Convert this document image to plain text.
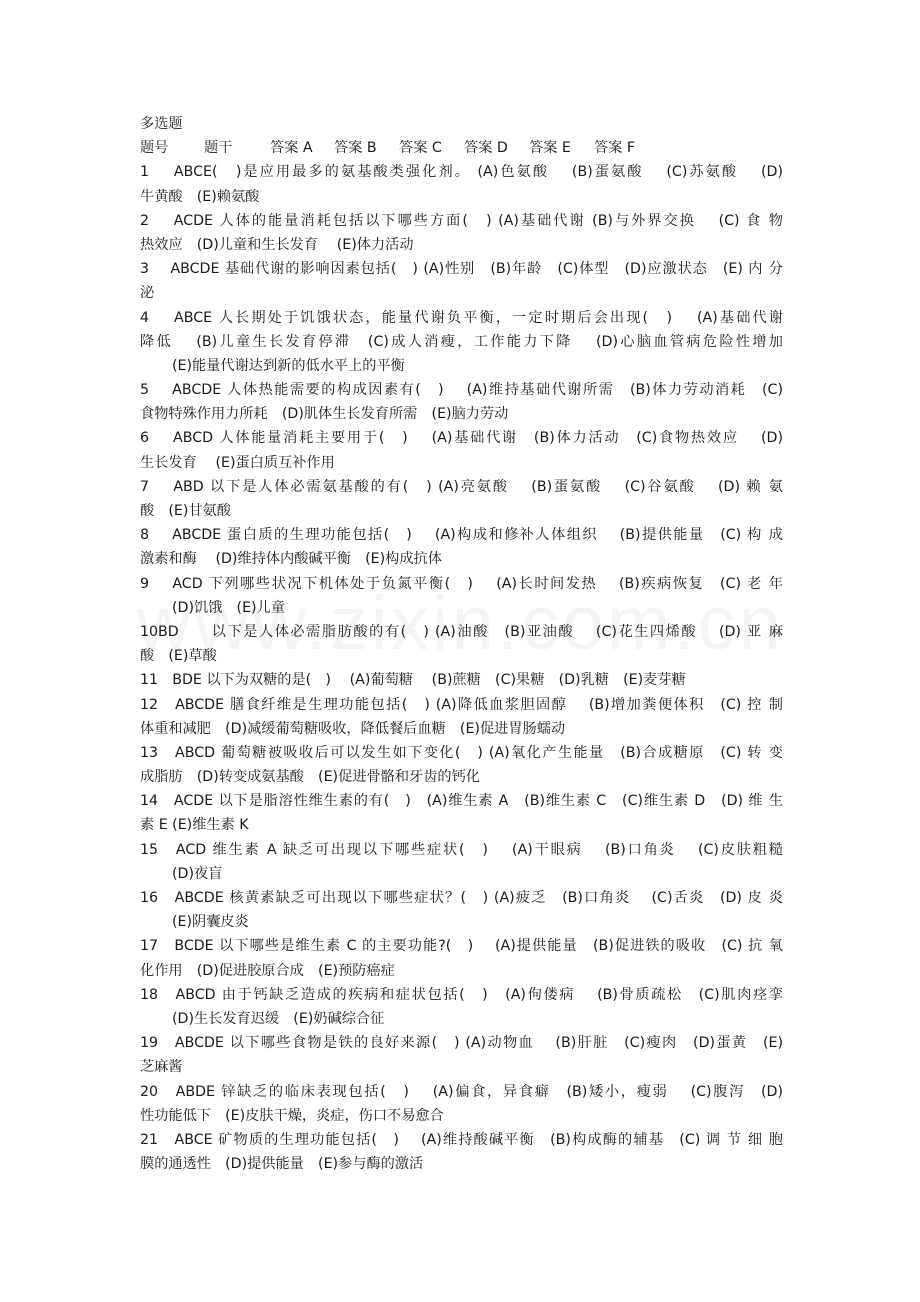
多选题
题号	题干	答案 A 答案 B 答案 C 答案 D 答案 E 答案 F
1　 ABCE(　)是应用最多的氨基酸类强化剂。 (A)色氨酸　 (B)蛋氨酸　 (C)苏氨酸　 (D)
牛黄酸　(E)赖氨酸
2　 ACDE 人体的能量消耗包括以下哪些方面(　) (A)基础代谢 (B)与外界交换　 (C) 食 物
热效应　(D)儿童和生长发育　 (E)体力活动
3　 ABCDE 基础代谢的影响因素包括(　) (A)性别　(B)年龄　(C)体型　(D)应激状态　(E) 内 分
泌
4　 ABCE 人长期处于饥饿状态，能量代谢负平衡，一定时期后会出现(　)　 (A)基础代谢
降低　 (B)儿童生长发育停滞　(C)成人消瘦，工作能力下降　 (D)心脑血管病危险性增加
(E)能量代谢达到新的低水平上的平衡
5　 ABCDE 人体热能需要的构成因素有(　)　 (A)维持基础代谢所需　(B)体力劳动消耗　(C)
食物特殊作用力所耗　(D)肌体生长发育所需　(E)脑力劳动
6　 ABCD 人体能量消耗主要用于(　)　 (A)基础代谢　(B)体力活动　(C)食物热效应　 (D)
生长发育　 (E)蛋白质互补作用
7　 ABD 以下是人体必需氨基酸的有(　) (A)亮氨酸　 (B)蛋氨酸　 (C)谷氨酸　 (D) 赖 氨
酸　(E)甘氨酸
8　 ABCDE 蛋白质的生理功能包括(　)　 (A)构成和修补人体组织　 (B)提供能量　(C) 构 成
激素和酶　 (D)维持体内酸碱平衡　(E)构成抗体
9　 ACD 下列哪些状况下机体处于负氮平衡(　)　 (A)长时间发热　 (B)疾病恢复　(C) 老 年
(D)饥饿　(E)儿童
10BD　　以下是人体必需脂肪酸的有(　) (A)油酸　(B)亚油酸　 (C)花生四烯酸　 (D) 亚 麻
酸　(E)草酸
11　BDE 以下为双糖的是(　)　 (A)葡萄糖　 (B)蔗糖　(C)果糖　(D)乳糖　(E)麦芽糖
12　ABCDE 膳食纤维是生理功能包括(　) (A)降低血浆胆固醇　 (B)增加粪便体积　(C) 控 制
体重和减肥　(D)减缓葡萄糖吸收，降低餐后血糖　(E)促进胃肠蠕动
13　ABCD 葡萄糖被吸收后可以发生如下变化(　) (A)氧化产生能量　(B)合成糖原　(C) 转 变
成脂肪　(D)转变成氨基酸　(E)促进骨骼和牙齿的钙化
14　ACDE 以下是脂溶性维生素的有(　)　(A)维生素 A　(B)维生素 C　(C)维生素 D　(D) 维 生
素 E (E)维生素 K
15　ACD 维生素 A 缺乏可出现以下哪些症状(　)　 (A)干眼病　 (B)口角炎　 (C)皮肤粗糙
(D)夜盲
16　ABCDE 核黄素缺乏可出现以下哪些症状？(　) (A)疲乏　(B)口角炎　 (C)舌炎　(D) 皮 炎
(E)阴囊皮炎
17　BCDE 以下哪些是维生素 C 的主要功能?(　)　 (A)提供能量　(B)促进铁的吸收　(C) 抗 氧
化作用　(D)促进胶原合成　(E)预防癌症
18　ABCD 由于钙缺乏造成的疾病和症状包括(　)　(A)佝偻病　 (B)骨质疏松　(C)肌肉痉挛
(D)生长发育迟缓　(E)奶碱综合征
19　ABCDE 以下哪些食物是铁的良好来源(　) (A)动物血　 (B)肝脏　(C)瘦肉　(D)蛋黄　(E)
芝麻酱
20　ABDE 锌缺乏的临床表现包括(　)　 (A)偏食，异食癖　(B)矮小，瘦弱　 (C)腹泻　(D)
性功能低下　(E)皮肤干燥，炎症，伤口不易愈合
21　ABCE 矿物质的生理功能包括(　)　 (A)维持酸碱平衡　(B)构成酶的辅基　(C) 调 节 细 胞
膜的通透性　(D)提供能量　(E)参与酶的激活
